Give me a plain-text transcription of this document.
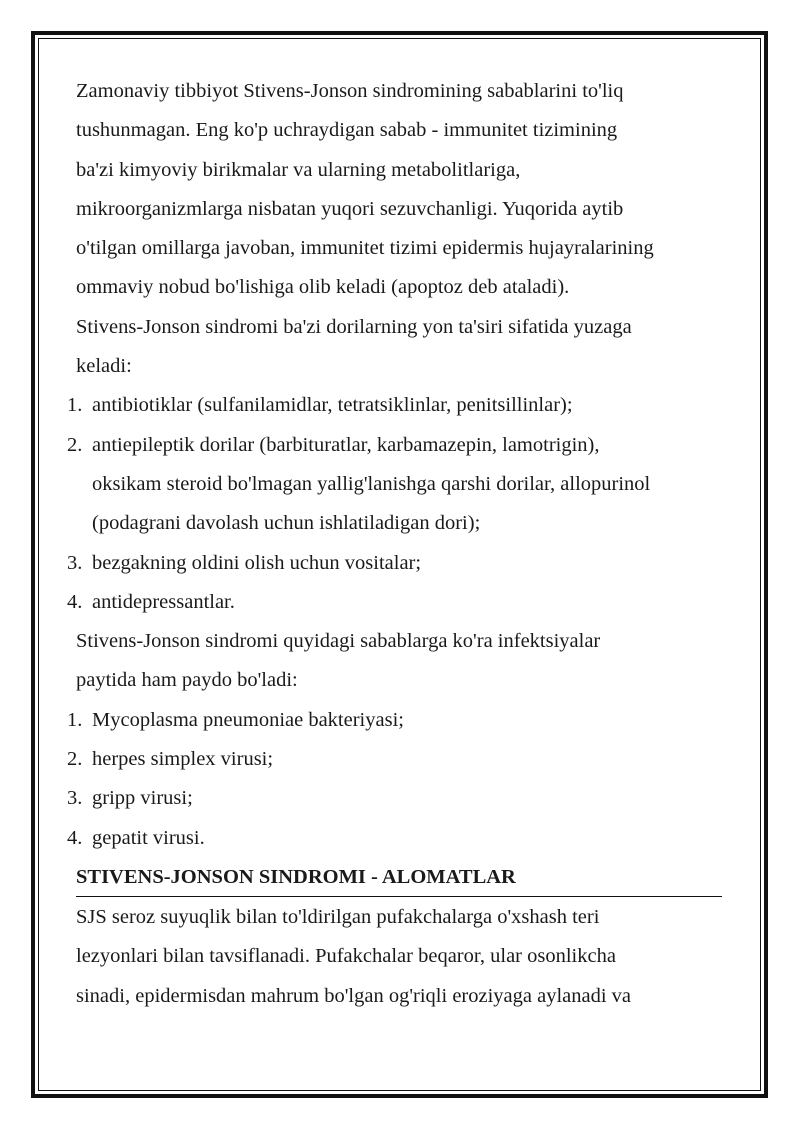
Zamonaviy tibbiyot Stivens-Jonson sindromining sabablarini to'liq
tushunmagan. Eng ko'p uchraydigan sabab - immunitet tizimining
ba'zi kimyoviy birikmalar va ularning metabolitlariga,
mikroorganizmlarga nisbatan yuqori sezuvchanligi. Yuqorida aytib
o'tilgan omillarga javoban, immunitet tizimi epidermis hujayralarining
ommaviy nobud bo'lishiga olib keladi (apoptoz deb ataladi).
Stivens-Jonson sindromi ba'zi dorilarning yon ta'siri sifatida yuzaga
keladi:
1. antibiotiklar (sulfanilamidlar, tetratsiklinlar, penitsillinlar);
2. antiepileptik dorilar (barbituratlar, karbamazepin, lamotrigin),
oksikam steroid bo'lmagan yallig'lanishga qarshi dorilar, allopurinol
(podagrani davolash uchun ishlatiladigan dori);
3. bezgakning oldini olish uchun vositalar;
4. antidepressantlar.
Stivens-Jonson sindromi quyidagi sabablarga ko'ra infektsiyalar
paytida ham paydo bo'ladi:
1. Mycoplasma pneumoniae bakteriyasi;
2. herpes simplex virusi;
3. gripp virusi;
4. gepatit virusi.
STIVENS-JONSON SINDROMI - ALOMATLAR
SJS seroz suyuqlik bilan to'ldirilgan pufakchalarga o'xshash teri
lezyonlari bilan tavsiflanadi. Pufakchalar beqaror, ular osonlikcha
sinadi, epidermisdan mahrum bo'lgan og'riqli eroziyaga aylanadi va
